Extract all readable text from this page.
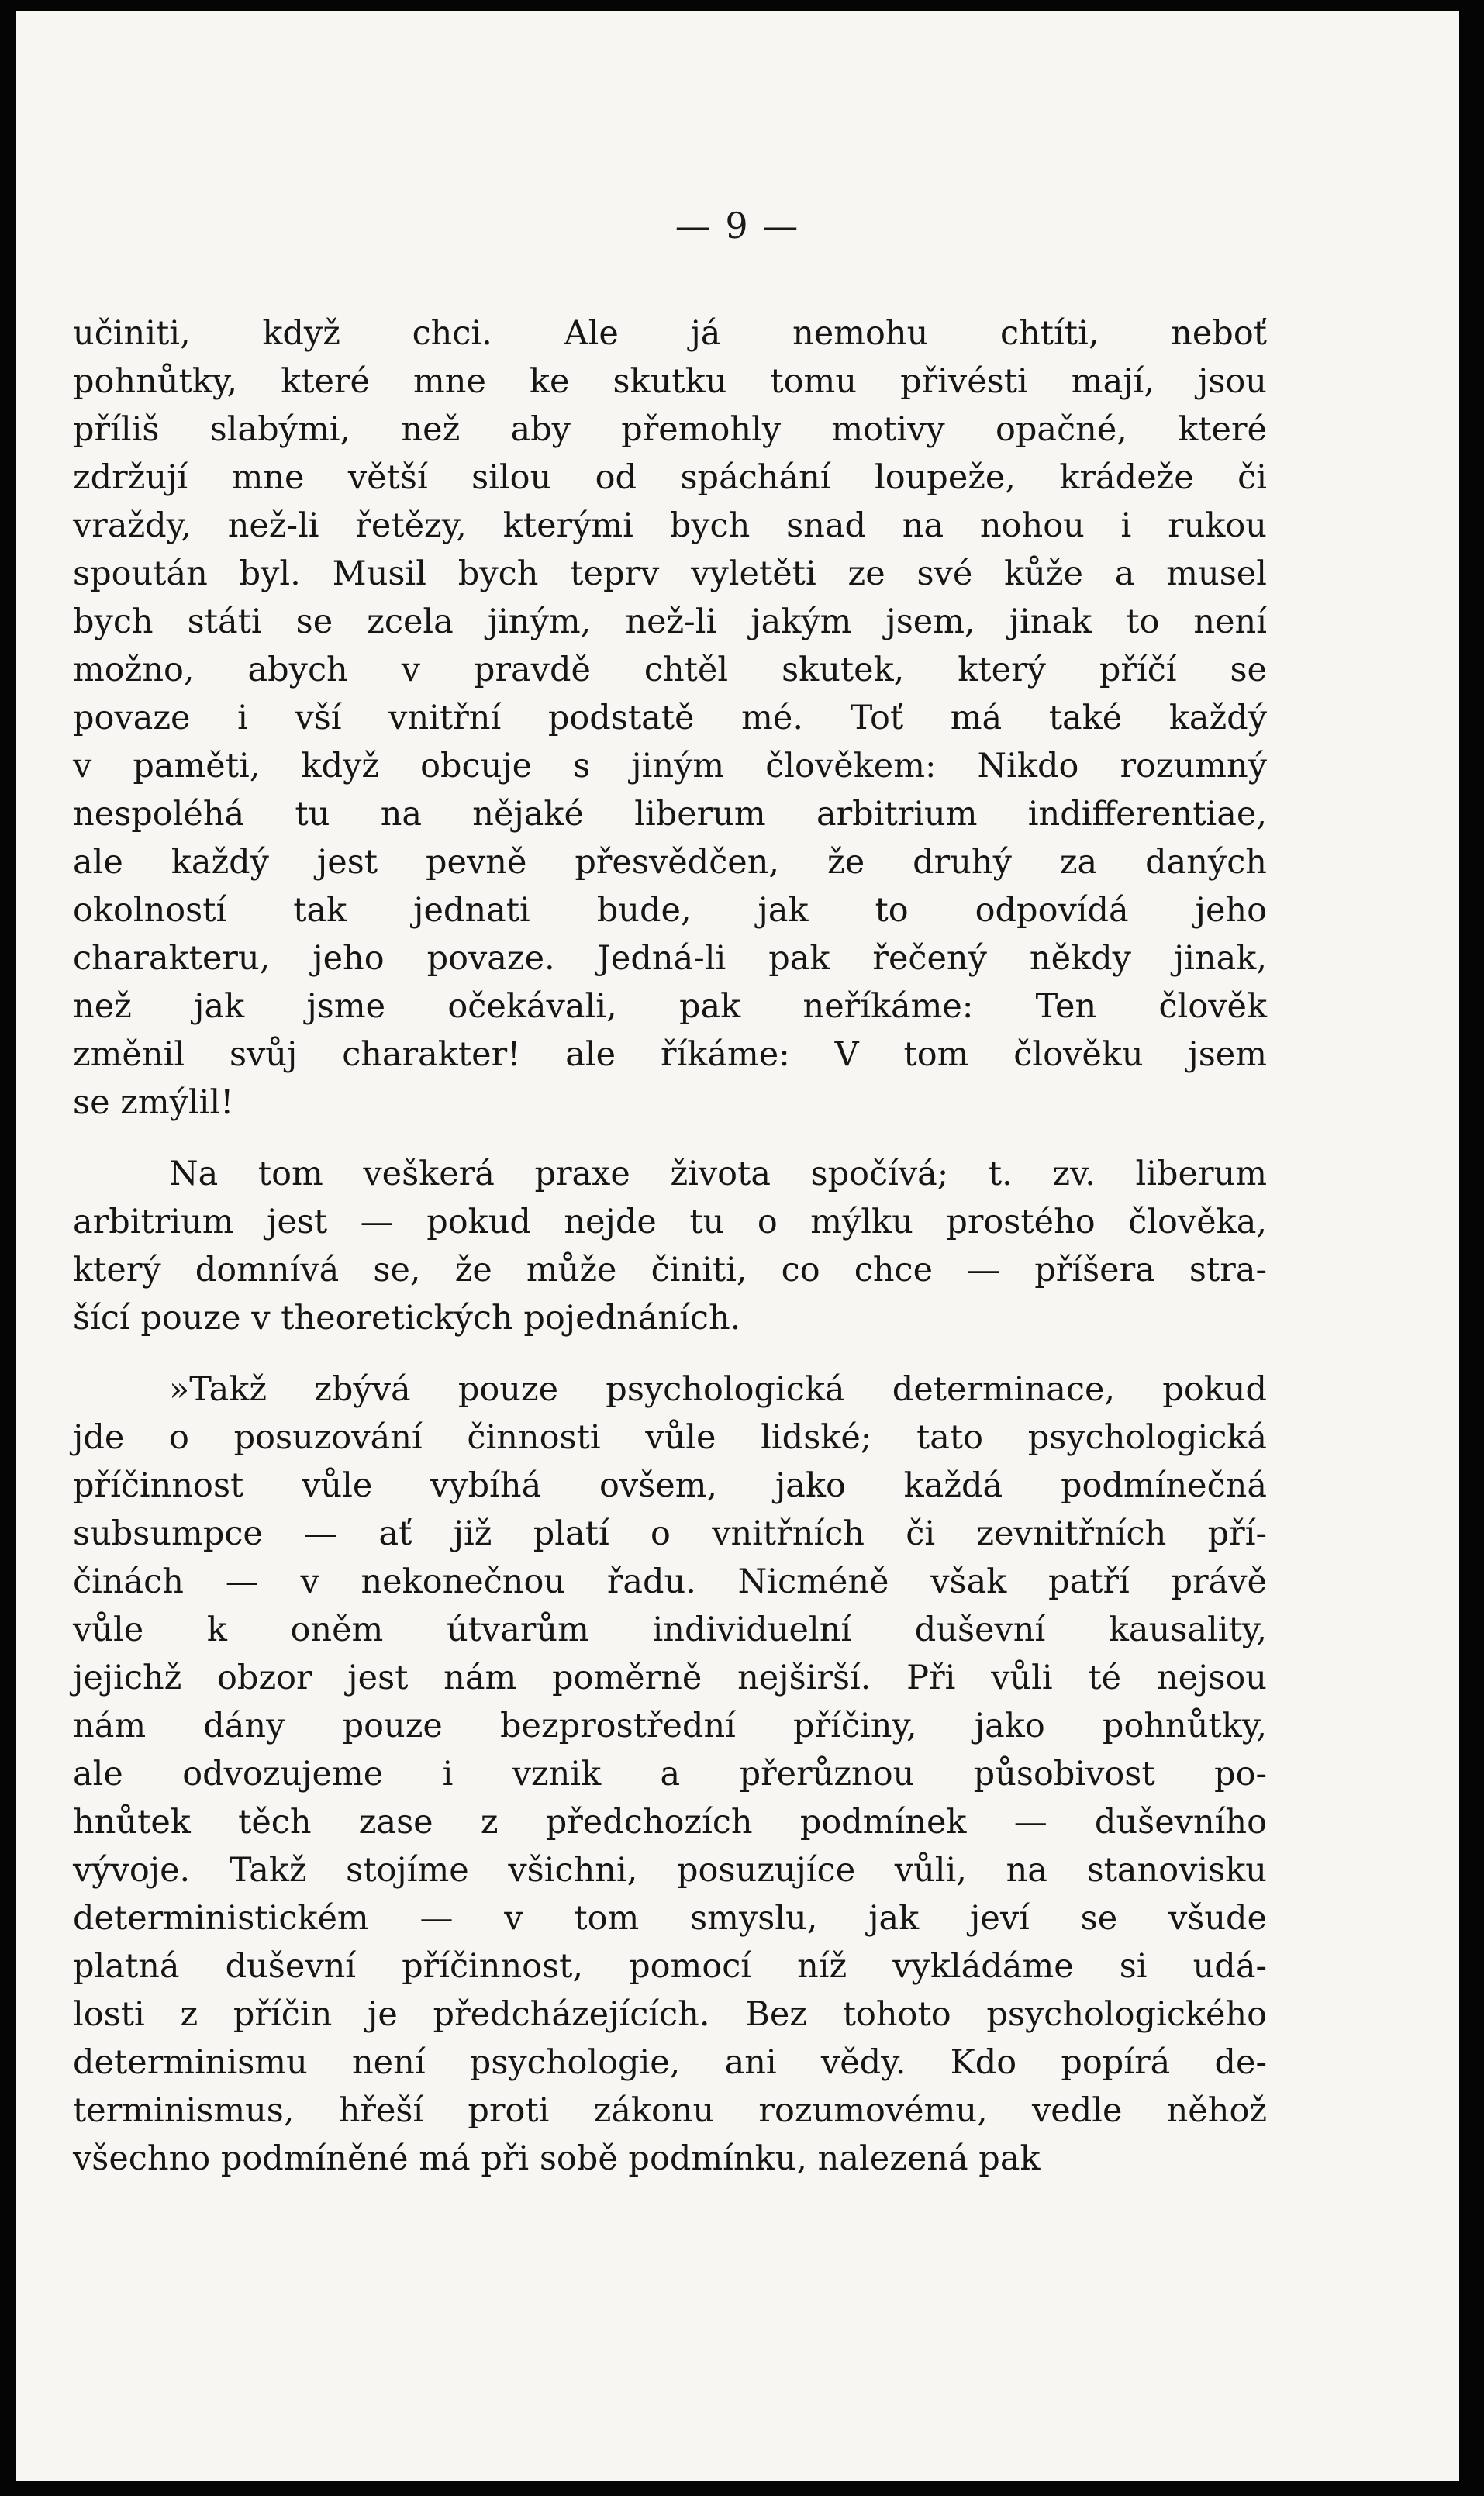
— 9 —
učiniti, když chci. Ale já nemohu chtíti, neboť
pohnůtky, které mne ke skutku tomu přivésti mají, jsou
příliš slabými, než aby přemohly motivy opačné, které
zdržují mne větší silou od spáchání loupeže, krádeže či
vraždy, než-li řetězy, kterými bych snad na nohou i rukou
spoután byl. Musil bych teprv vyletěti ze své kůže a musel
bych státi se zcela jiným, než-li jakým jsem, jinak to není
možno, abych v pravdě chtěl skutek, který příčí se
povaze i vší vnitřní podstatě mé. Toť má také každý
v paměti, když obcuje s jiným člověkem: Nikdo rozumný
nespoléhá tu na nějaké liberum arbitrium indifferentiae,
ale každý jest pevně přesvědčen, že druhý za daných
okolností tak jednati bude, jak to odpovídá jeho
charakteru, jeho povaze. Jedná-li pak řečený někdy jinak,
než jak jsme očekávali, pak neříkáme: Ten člověk
změnil svůj charakter! ale říkáme: V tom člověku jsem
se zmýlil!
Na tom veškerá praxe života spočívá; t. zv. liberum
arbitrium jest — pokud nejde tu o mýlku prostého člověka,
který domnívá se, že může činiti, co chce — příšera stra-
šící pouze v theoretických pojednáních.
»Takž zbývá pouze psychologická determinace, pokud
jde o posuzování činnosti vůle lidské; tato psychologická
příčinnost vůle vybíhá ovšem, jako každá podmínečná
subsumpce — ať již platí o vnitřních či zevnitřních pří-
činách — v nekonečnou řadu. Nicméně však patří právě
vůle k oněm útvarům individuelní duševní kausality,
jejichž obzor jest nám poměrně nejširší. Při vůli té nejsou
nám dány pouze bezprostřední příčiny, jako pohnůtky,
ale odvozujeme i vznik a přerůznou působivost po-
hnůtek těch zase z předchozích podmínek — duševního
vývoje. Takž stojíme všichni, posuzujíce vůli, na stanovisku
deterministickém — v tom smyslu, jak jeví se všude
platná duševní příčinnost, pomocí níž vykládáme si udá-
losti z příčin je předcházejících. Bez tohoto psychologického
determinismu není psychologie, ani vědy. Kdo popírá de-
terminismus, hřeší proti zákonu rozumovému, vedle něhož
všechno podmíněné má při sobě podmínku, nalezená pak
